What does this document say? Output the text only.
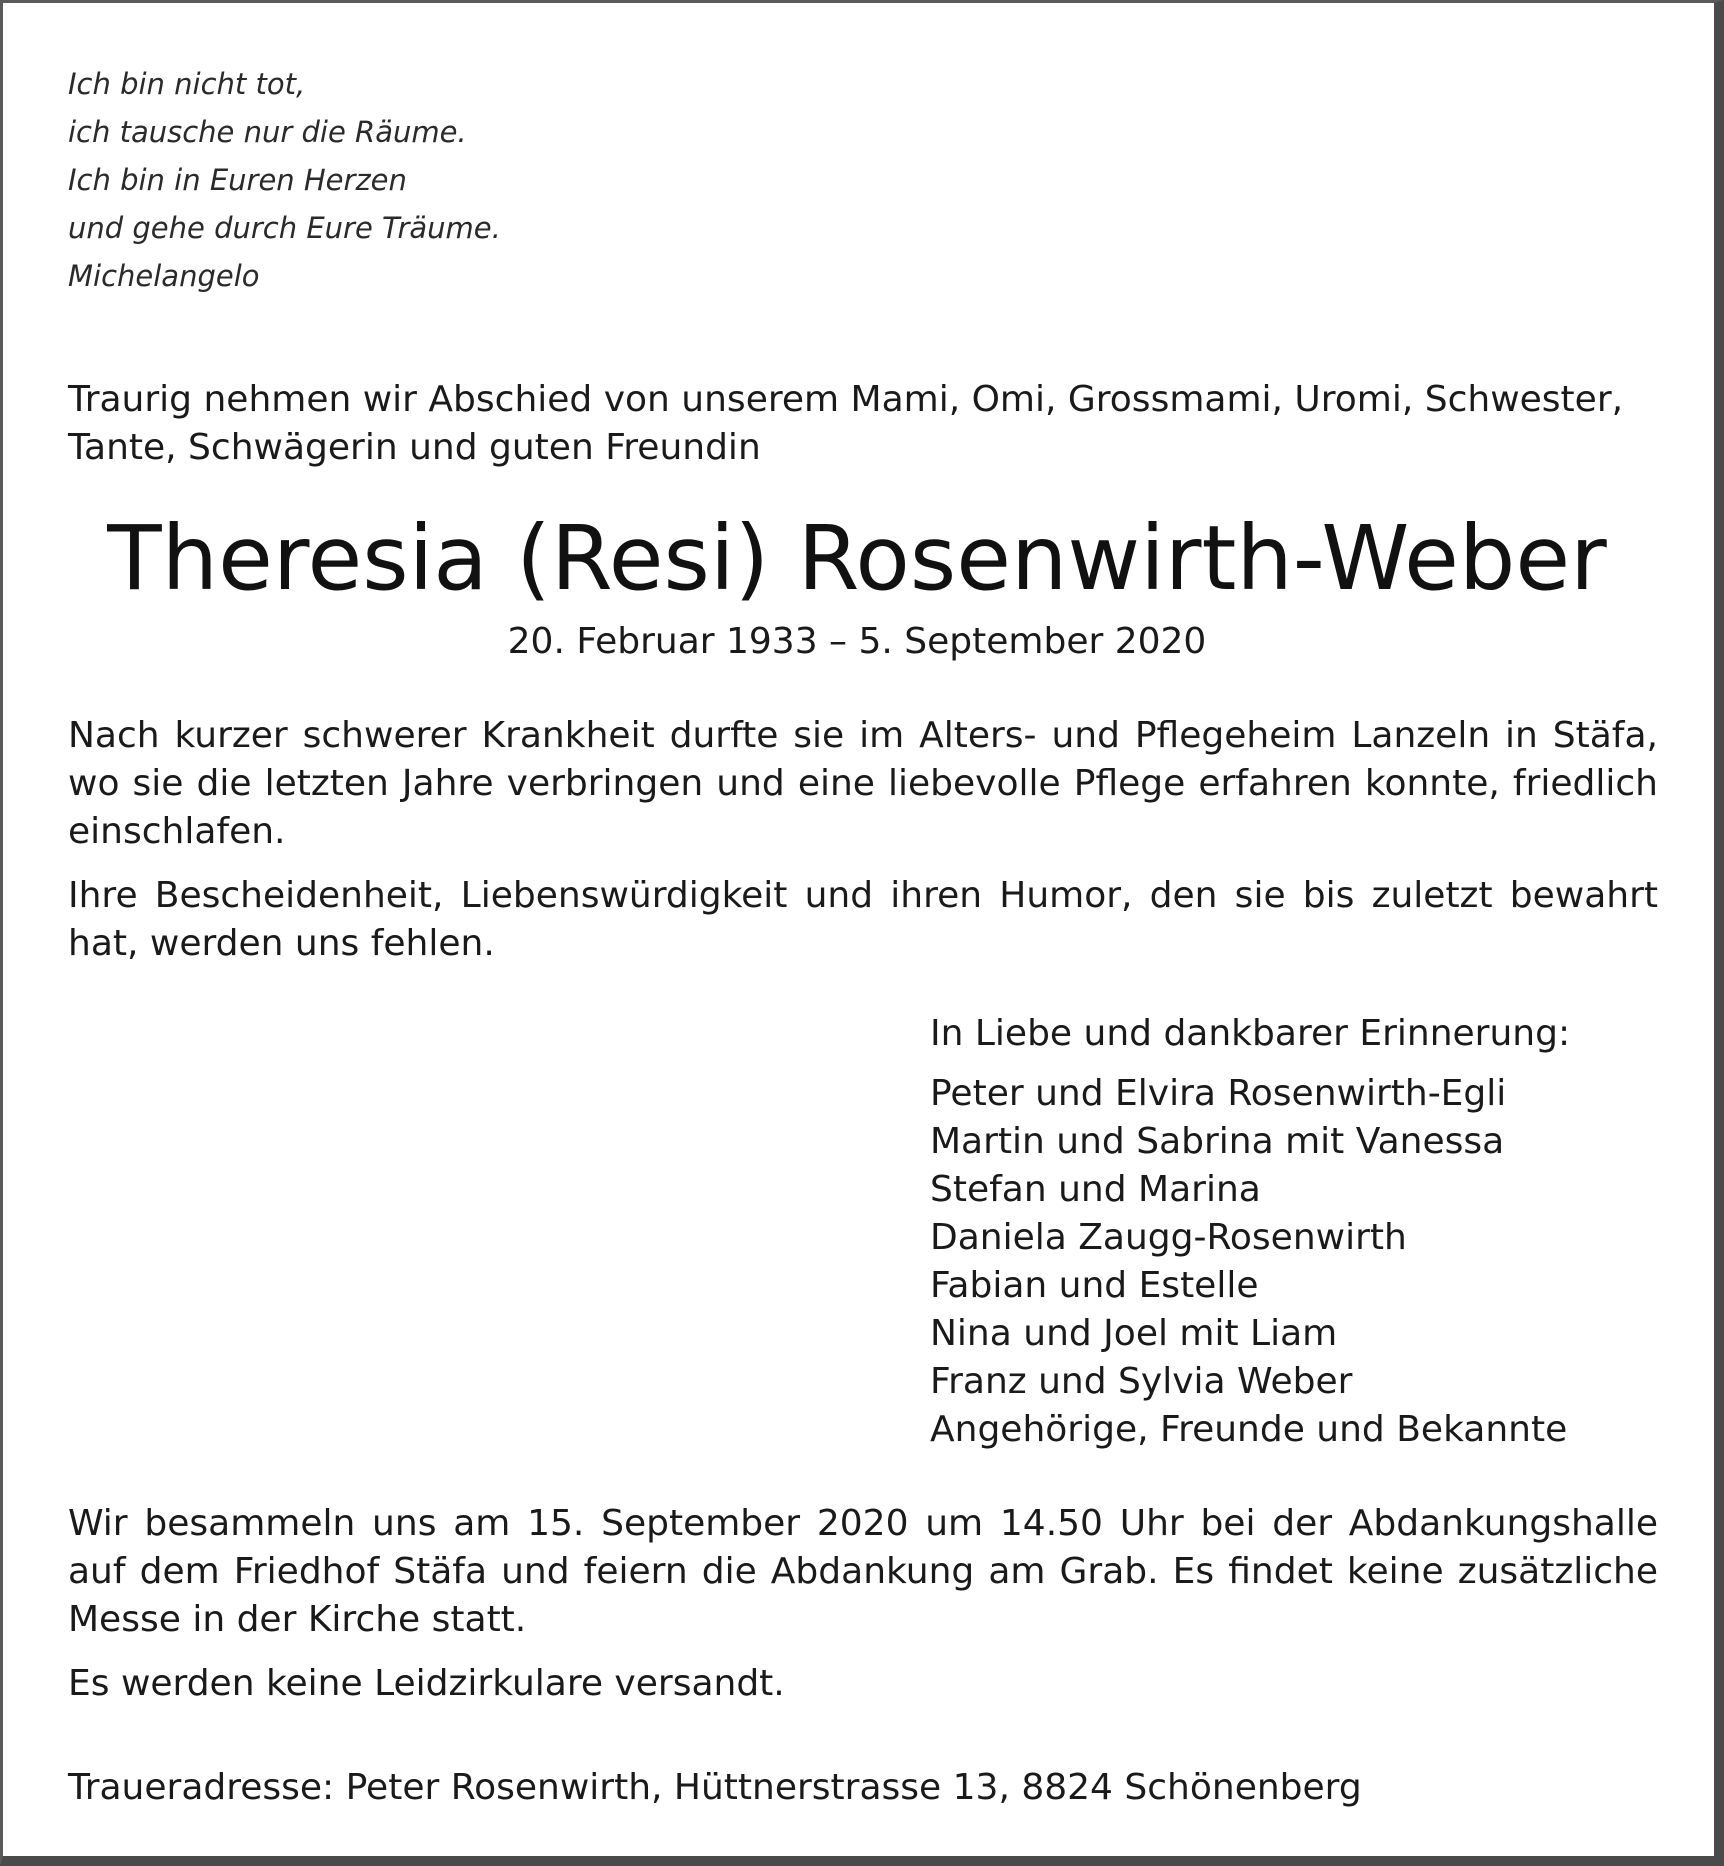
Ich bin nicht tot,
ich tausche nur die Räume.
Ich bin in Euren Herzen
und gehe durch Eure Träume.
Michelangelo
Traurig nehmen wir Abschied von unserem Mami, Omi, Grossmami, Uromi, Schwester,
Tante, Schwägerin und guten Freundin
Theresia (Resi) Rosenwirth-Weber
20. Februar 1933 – 5. September 2020
Nach kurzer schwerer Krankheit durfte sie im Alters- und Pflegeheim Lanzeln in Stäfa, wo sie die letzten Jahre verbringen und eine liebevolle Pflege erfahren konnte, friedlich einschlafen.
Ihre Bescheidenheit, Liebenswürdigkeit und ihren Humor, den sie bis zuletzt bewahrt hat, werden uns fehlen.
In Liebe und dankbarer Erinnerung:
Peter und Elvira Rosenwirth-Egli
Martin und Sabrina mit Vanessa
Stefan und Marina
Daniela Zaugg-Rosenwirth
Fabian und Estelle
Nina und Joel mit Liam
Franz und Sylvia Weber
Angehörige, Freunde und Bekannte
Wir besammeln uns am 15. September 2020 um 14.50 Uhr bei der Abdankungshalle auf dem Friedhof Stäfa und feiern die Abdankung am Grab. Es findet keine zusätzliche Messe in der Kirche statt.
Es werden keine Leidzirkulare versandt.
Traueradresse: Peter Rosenwirth, Hüttnerstrasse 13, 8824 Schönenberg
